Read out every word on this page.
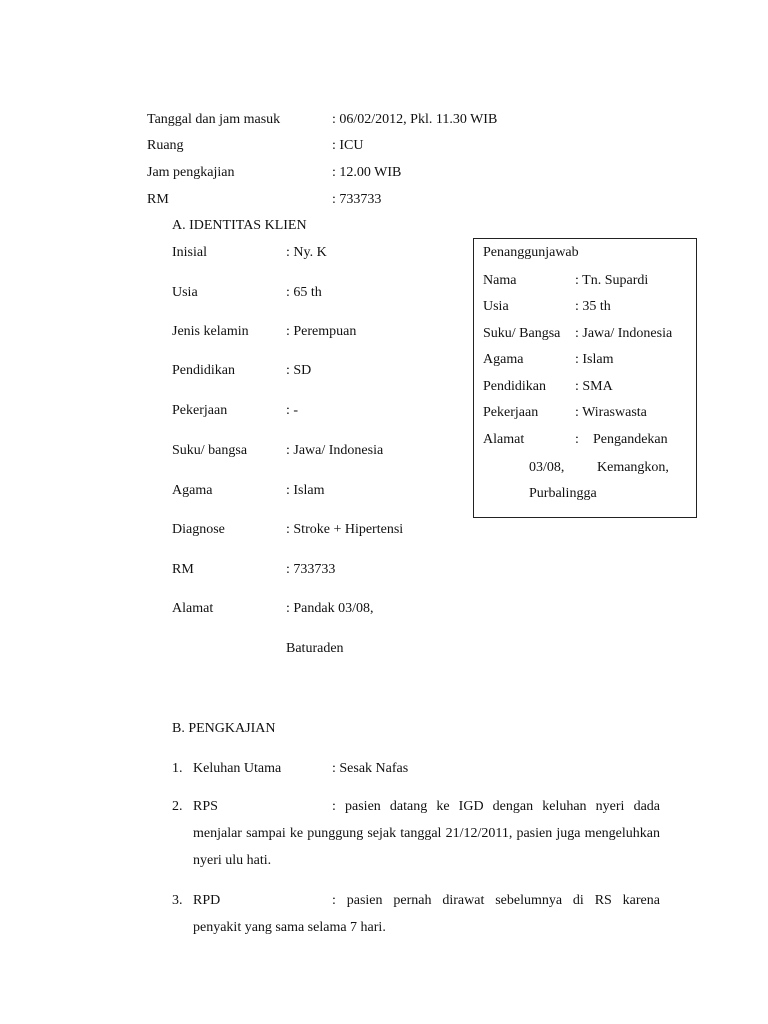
Tanggal dan jam masuk	: 06/02/2012, Pkl. 11.30 WIB
Ruang	: ICU
Jam pengkajian	: 12.00 WIB
RM	: 733733
A. IDENTITAS KLIEN
Inisial	: Ny. K
Usia	: 65 th
Jenis kelamin	: Perempuan
Pendidikan	: SD
Pekerjaan	: -
Suku/ bangsa	: Jawa/ Indonesia
Agama	: Islam
Diagnose	: Stroke + Hipertensi
RM	: 733733
Alamat	: Pandak 03/08,
Baturaden
Penanggunjawab
Nama	: Tn. Supardi
Usia	: 35 th
Suku/ Bangsa : Jawa/ Indonesia
Agama	: Islam
Pendidikan : SMA
Pekerjaan	: Wiraswasta
Alamat	: Pengandekan
03/08, Kemangkon,
Purbalingga
B. PENGKAJIAN
1. Keluhan Utama	: Sesak Nafas
2. RPS	: pasien datang ke IGD dengan keluhan nyeri dada menjalar sampai ke punggung sejak tanggal 21/12/2011, pasien juga mengeluhkan nyeri ulu hati.
3. RPD	: pasien pernah dirawat sebelumnya di RS karena penyakit yang sama selama 7 hari.
